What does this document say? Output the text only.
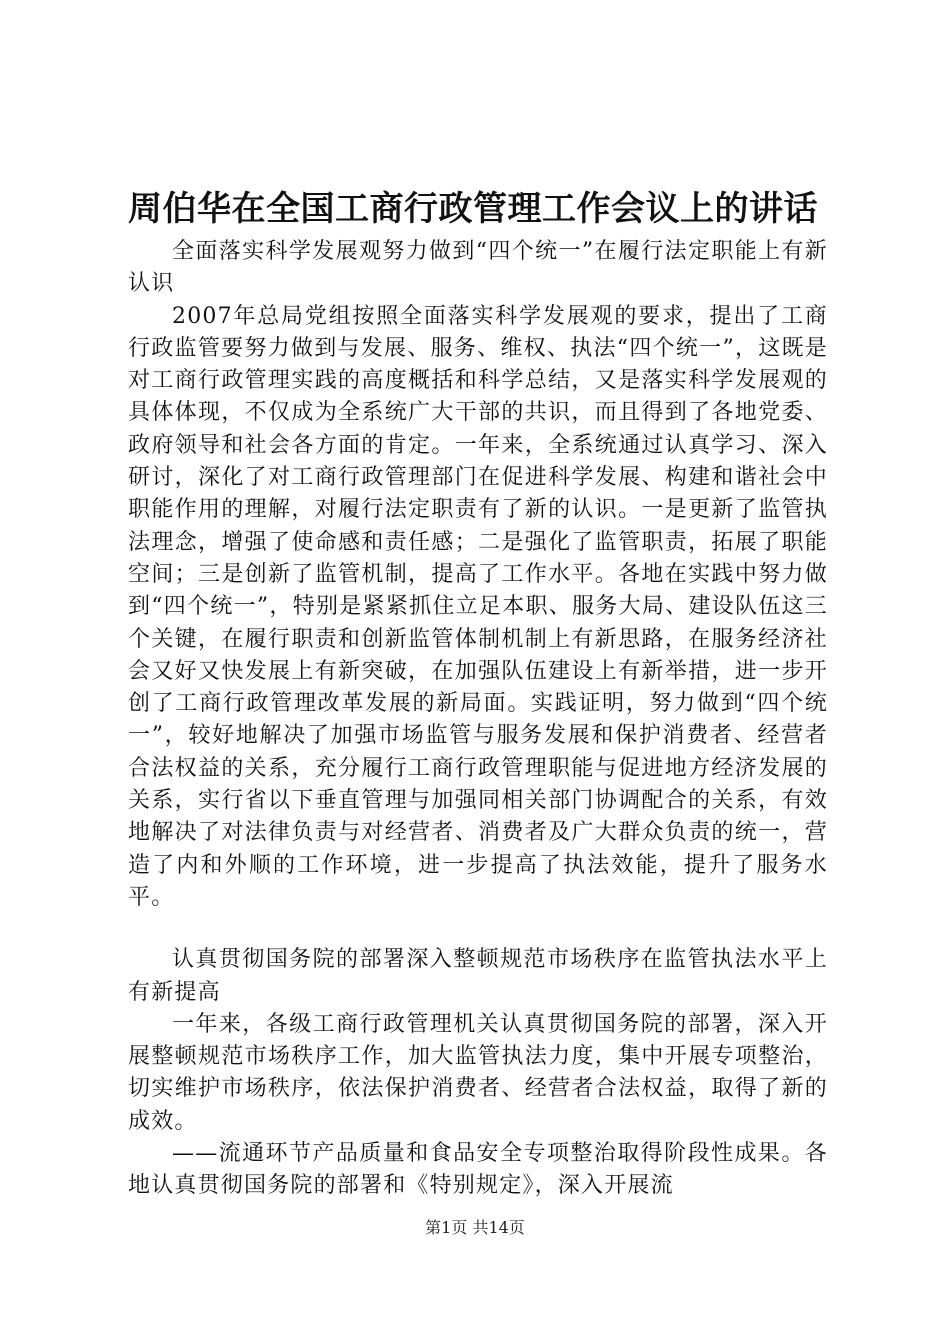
周伯华在全国工商行政管理工作会议上的讲话

全面落实科学发展观努力做到“四个统一”在履行法定职能上有新认识

2007年总局党组按照全面落实科学发展观的要求，提出了工商行政监管要努力做到与发展、服务、维权、执法“四个统一”，这既是对工商行政管理实践的高度概括和科学总结，又是落实科学发展观的具体体现，不仅成为全系统广大干部的共识，而且得到了各地党委、政府领导和社会各方面的肯定。一年来，全系统通过认真学习、深入研讨，深化了对工商行政管理部门在促进科学发展、构建和谐社会中职能作用的理解，对履行法定职责有了新的认识。一是更新了监管执法理念，增强了使命感和责任感；二是强化了监管职责，拓展了职能空间；三是创新了监管机制，提高了工作水平。各地在实践中努力做到“四个统一”，特别是紧紧抓住立足本职、服务大局、建设队伍这三个关键，在履行职责和创新监管体制机制上有新思路，在服务经济社会又好又快发展上有新突破，在加强队伍建设上有新举措，进一步开创了工商行政管理改革发展的新局面。实践证明，努力做到“四个统一”，较好地解决了加强市场监管与服务发展和保护消费者、经营者合法权益的关系，充分履行工商行政管理职能与促进地方经济发展的关系，实行省以下垂直管理与加强同相关部门协调配合的关系，有效地解决了对法律负责与对经营者、消费者及广大群众负责的统一，营造了内和外顺的工作环境，进一步提高了执法效能，提升了服务水平。

认真贯彻国务院的部署深入整顿规范市场秩序在监管执法水平上有新提高

一年来，各级工商行政管理机关认真贯彻国务院的部署，深入开展整顿规范市场秩序工作，加大监管执法力度，集中开展专项整治，切实维护市场秩序，依法保护消费者、经营者合法权益，取得了新的成效。

——流通环节产品质量和食品安全专项整治取得阶段性成果。各地认真贯彻国务院的部署和《特别规定》，深入开展流

第1页 共14页
